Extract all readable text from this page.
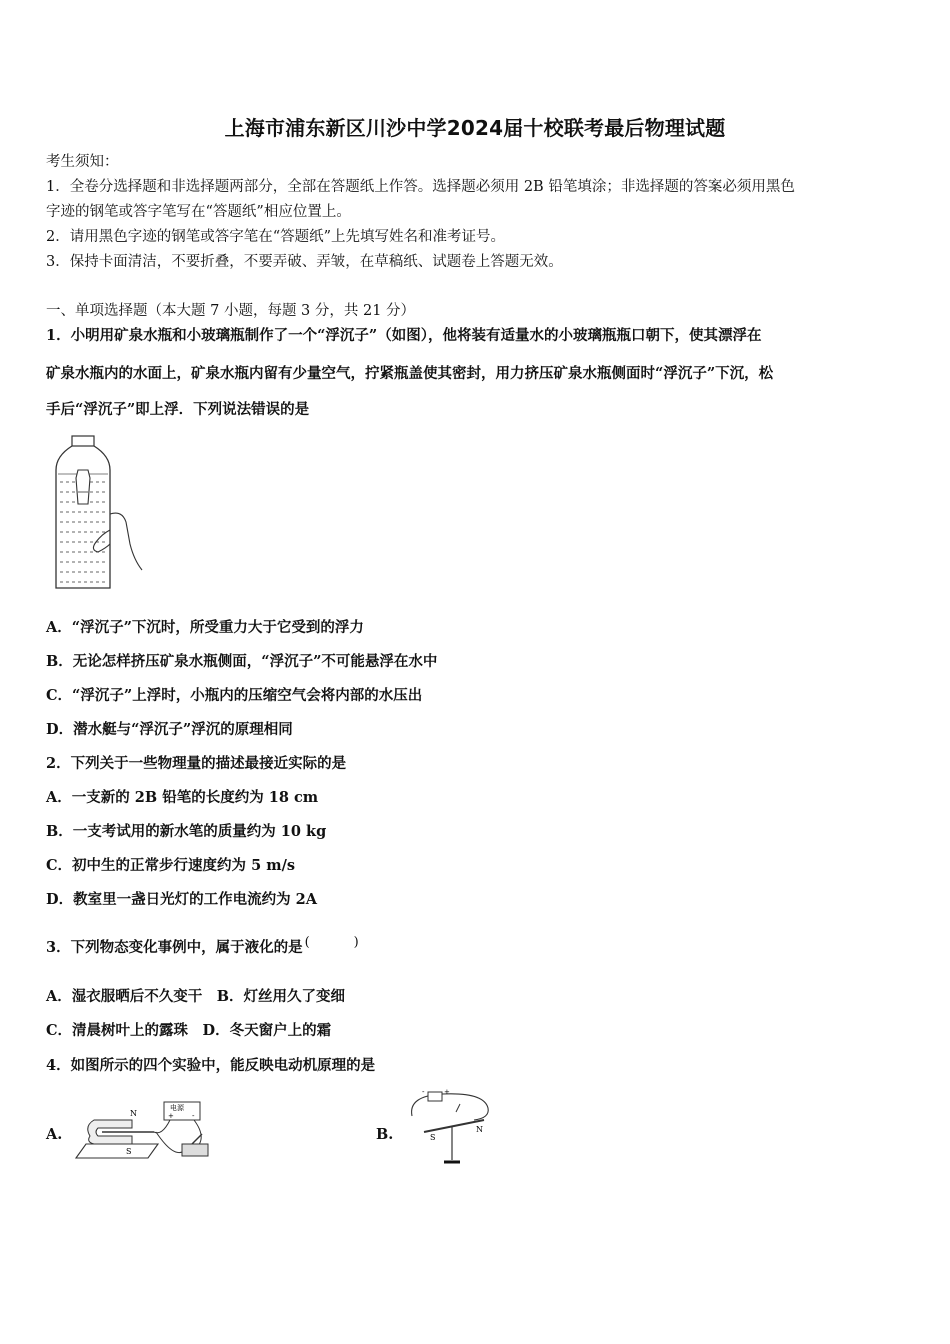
上海市浦东新区川沙中学2024届十校联考最后物理试题
考生须知：
1．全卷分选择题和非选择题两部分，全部在答题纸上作答。选择题必须用 2B 铅笔填涂；非选择题的答案必须用黑色
字迹的钢笔或答字笔写在“答题纸”相应位置上。
2．请用黑色字迹的钢笔或答字笔在“答题纸”上先填写姓名和准考证号。
3．保持卡面清洁，不要折叠，不要弄破、弄皱，在草稿纸、试题卷上答题无效。
一、单项选择题（本大题 7 小题，每题 3 分，共 21 分）
1．小明用矿泉水瓶和小玻璃瓶制作了一个“浮沉子”（如图），他将装有适量水的小玻璃瓶瓶口朝下，使其漂浮在
矿泉水瓶内的水面上，矿泉水瓶内留有少量空气，拧紧瓶盖使其密封，用力挤压矿泉水瓶侧面时“浮沉子”下沉，松
手后“浮沉子”即上浮．下列说法错误的是
A．“浮沉子”下沉时，所受重力大于它受到的浮力
B．无论怎样挤压矿泉水瓶侧面，“浮沉子”不可能悬浮在水中
C．“浮沉子”上浮时，小瓶内的压缩空气会将内部的水压出
D．潜水艇与“浮沉子”浮沉的原理相同
2．下列关于一些物理量的描述最接近实际的是
A．一支新的 2B 铅笔的长度约为 18 cm
B．一支考试用的新水笔的质量约为 10 kg
C．初中生的正常步行速度约为 5 m/s
D．教室里一盏日光灯的工作电流约为 2A
3．下列物态变化事例中，属于液化的是 (　　)
A．湿衣服晒后不久变干　B．灯丝用久了变细
C．清晨树叶上的露珠　D．冬天窗户上的霜
4．如图所示的四个实验中，能反映电动机原理的是
A.
N
S
电源
+	-
B.
-	+
S
N
